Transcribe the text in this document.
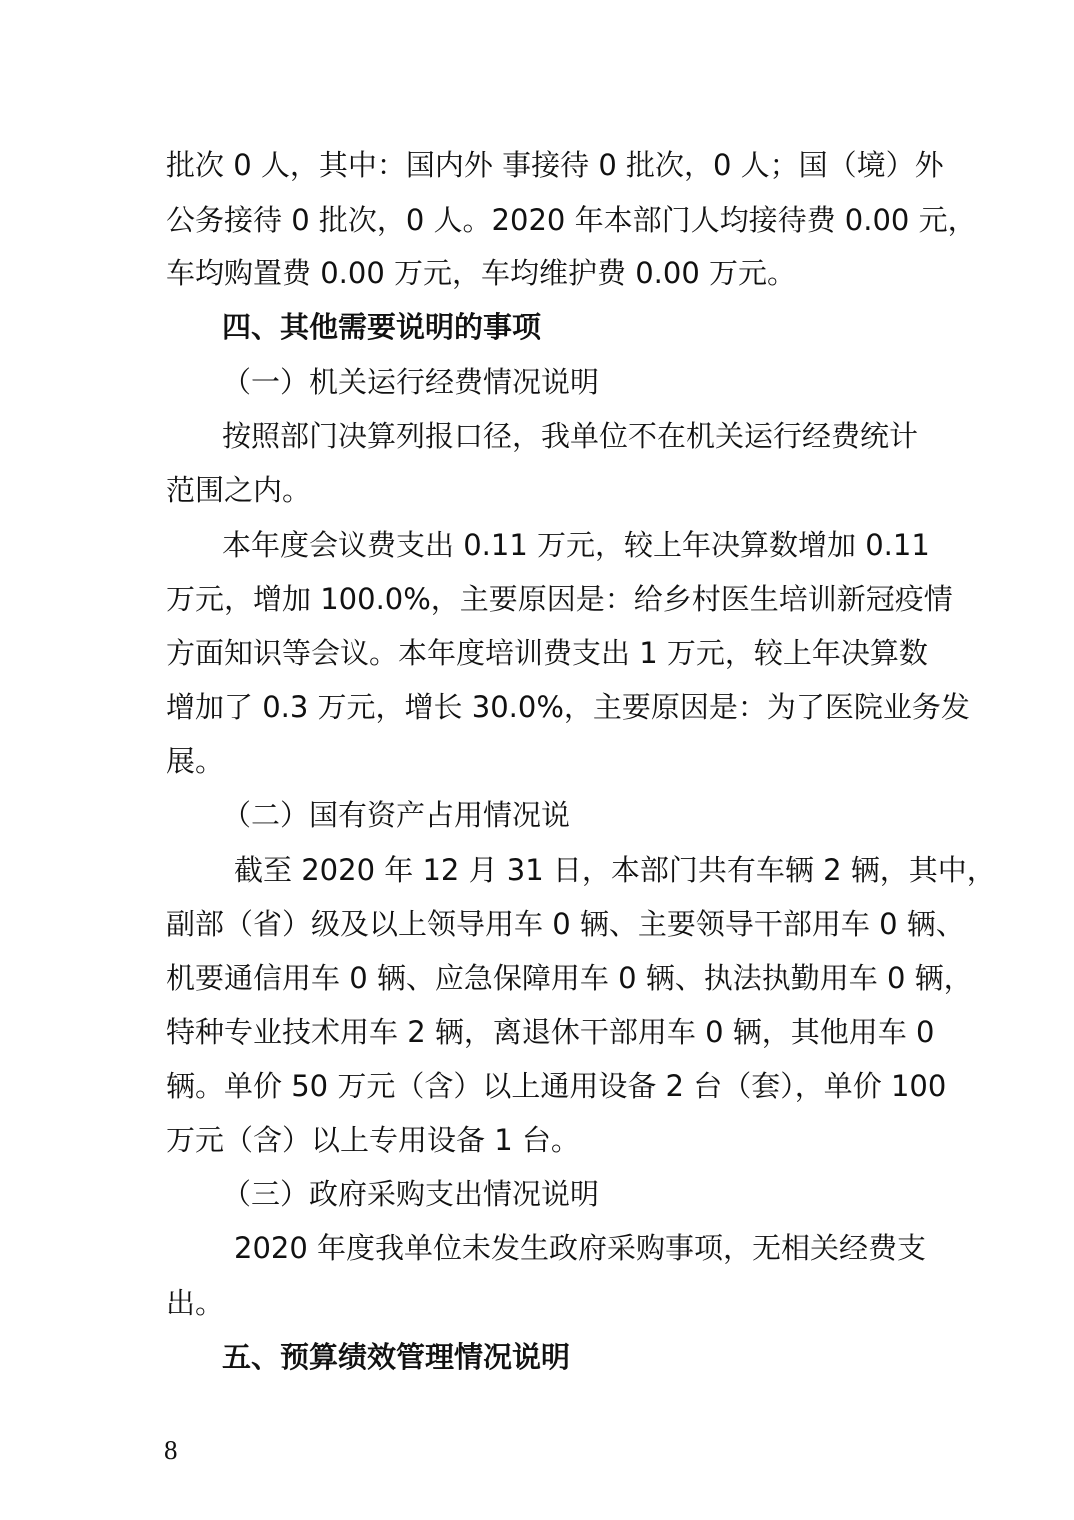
批次 0 人，其中：国内外 事接待 0 批次，0 人；国（境）外
公务接待 0 批次，0 人。2020 年本部门人均接待费 0.00 元，
车均购置费 0.00 万元，车均维护费 0.00 万元。
四、其他需要说明的事项
（一）机关运行经费情况说明
按照部门决算列报口径，我单位不在机关运行经费统计
范围之内。
本年度会议费支出 0.11 万元，较上年决算数增加 0.11
万元，增加 100.0%，主要原因是：给乡村医生培训新冠疫情
方面知识等会议。本年度培训费支出 1 万元，较上年决算数
增加了 0.3 万元，增长 30.0%，主要原因是：为了医院业务发
展。
（二）国有资产占用情况说
截至 2020 年 12 月 31 日，本部门共有车辆 2 辆，其中，
副部（省）级及以上领导用车 0 辆、主要领导干部用车 0 辆、
机要通信用车 0 辆、应急保障用车 0 辆、执法执勤用车 0 辆，
特种专业技术用车 2 辆，离退休干部用车 0 辆，其他用车 0
辆。单价 50 万元（含）以上通用设备 2 台（套），单价 100
万元（含）以上专用设备 1 台。
（三）政府采购支出情况说明
2020 年度我单位未发生政府采购事项，无相关经费支
出。
五、预算绩效管理情况说明
8
